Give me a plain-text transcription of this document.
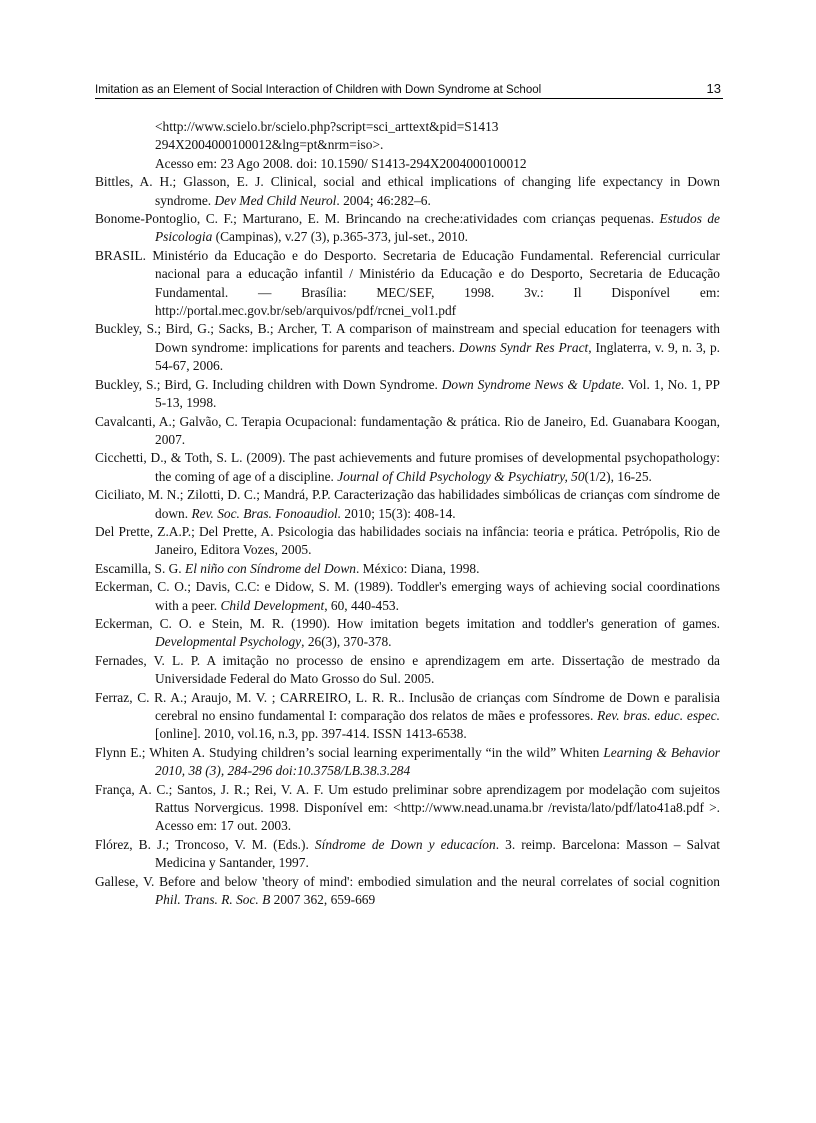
Imitation as an Element of Social Interaction of Children with Down Syndrome at School	13
<http://www.scielo.br/scielo.php?script=sci_arttext&pid=S1413
294X2004000100012&lng=pt&nrm=iso>.
Acesso em: 23 Ago 2008. doi: 10.1590/ S1413-294X2004000100012
Bittles, A. H.; Glasson, E. J. Clinical, social and ethical implications of changing life expectancy in Down syndrome. Dev Med Child Neurol. 2004; 46:282–6.
Bonome-Pontoglio, C. F.; Marturano, E. M. Brincando na creche:atividades com crianças pequenas. Estudos de Psicologia (Campinas), v.27 (3), p.365-373, jul-set., 2010.
BRASIL. Ministério da Educação e do Desporto. Secretaria de Educação Fundamental. Referencial curricular nacional para a educação infantil / Ministério da Educação e do Desporto, Secretaria de Educação Fundamental. — Brasília: MEC/SEF, 1998. 3v.: Il Disponível em: http://portal.mec.gov.br/seb/arquivos/pdf/rcnei_vol1.pdf
Buckley, S.; Bird, G.; Sacks, B.; Archer, T. A comparison of mainstream and special education for teenagers with Down syndrome: implications for parents and teachers. Downs Syndr Res Pract, Inglaterra, v. 9, n. 3, p. 54-67, 2006.
Buckley, S.; Bird, G. Including children with Down Syndrome. Down Syndrome News & Update. Vol. 1, No. 1, PP 5-13, 1998.
Cavalcanti, A.; Galvão, C. Terapia Ocupacional: fundamentação & prática. Rio de Janeiro, Ed. Guanabara Koogan, 2007.
Cicchetti, D., & Toth, S. L. (2009). The past achievements and future promises of developmental psychopathology: the coming of age of a discipline. Journal of Child Psychology & Psychiatry, 50(1/2), 16-25.
Ciciliato, M. N.; Zilotti, D. C.; Mandrá, P.P. Caracterização das habilidades simbólicas de crianças com síndrome de down. Rev. Soc. Bras. Fonoaudiol. 2010; 15(3): 408-14.
Del Prette, Z.A.P.; Del Prette, A. Psicologia das habilidades sociais na infância: teoria e prática. Petrópolis, Rio de Janeiro, Editora Vozes, 2005.
Escamilla, S. G. El niño con Síndrome del Down. México: Diana, 1998.
Eckerman, C. O.; Davis, C.C: e Didow, S. M. (1989). Toddler's emerging ways of achieving social coordinations with a peer. Child Development, 60, 440-453.
Eckerman, C. O. e Stein, M. R. (1990). How imitation begets imitation and toddler's generation of games. Developmental Psychology, 26(3), 370-378.
Fernades, V. L. P. A imitação no processo de ensino e aprendizagem em arte. Dissertação de mestrado da Universidade Federal do Mato Grosso do Sul. 2005.
Ferraz, C. R. A.; Araujo, M. V. ; CARREIRO, L. R. R.. Inclusão de crianças com Síndrome de Down e paralisia cerebral no ensino fundamental I: comparação dos relatos de mães e professores. Rev. bras. educ. espec. [online]. 2010, vol.16, n.3, pp. 397-414. ISSN 1413-6538.
Flynn E.; Whiten A. Studying children’s social learning experimentally “in the wild” Whiten Learning & Behavior 2010, 38 (3), 284-296 doi:10.3758/LB.38.3.284
França, A. C.; Santos, J. R.; Rei, V. A. F. Um estudo preliminar sobre aprendizagem por modelação com sujeitos Rattus Norvergicus. 1998. Disponível em: <http://www.nead.unama.br /revista/lato/pdf/lato41a8.pdf >. Acesso em: 17 out. 2003.
Flórez, B. J.; Troncoso, V. M. (Eds.). Síndrome de Down y educacíon. 3. reimp. Barcelona: Masson – Salvat Medicina y Santander, 1997.
Gallese, V. Before and below 'theory of mind': embodied simulation and the neural correlates of social cognition Phil. Trans. R. Soc. B 2007 362, 659-669
